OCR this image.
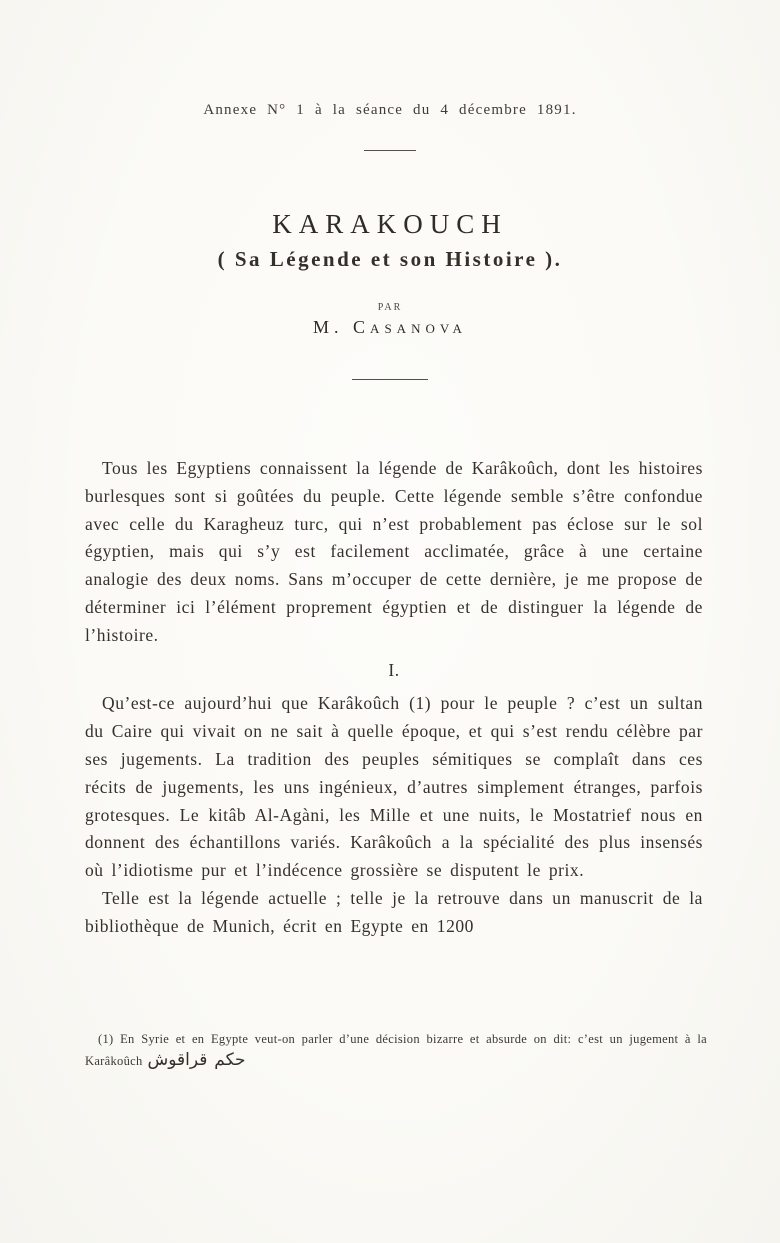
Annexe N° 1 à la séance du 4 décembre 1891.
KARAKOUCH
( Sa Légende et son Histoire ).
PAR
M. Casanova

Tous les Egyptiens connaissent la légende de Karâkoûch, dont les histoires burlesques sont si goûtées du peuple. Cette légende semble s’être confondue avec celle du Karagheuz turc, qui n’est probablement pas éclose sur le sol égyptien, mais qui s’y est facilement acclimatée, grâce à une certaine analogie des deux noms. Sans m’occuper de cette dernière, je me propose de déterminer ici l’élément proprement égyptien et de distinguer la légende de l’histoire.

I.

Qu’est-ce aujourd’hui que Karâkoûch (1) pour le peuple ? c’est un sultan du Caire qui vivait on ne sait à quelle époque, et qui s’est rendu célèbre par ses jugements. La tradition des peuples sémitiques se complaît dans ces récits de jugements, les uns ingénieux, d’autres simplement étranges, parfois grotesques. Le kitâb Al-Agàni, les Mille et une nuits, le Mostatrief nous en donnent des échantillons variés. Karâkoûch a la spécialité des plus insensés où l’idiotisme pur et l’indécence grossière se disputent le prix.

Telle est la légende actuelle ; telle je la retrouve dans un manuscrit de la bibliothèque de Munich, écrit en Egypte en 1200

(1) En Syrie et en Egypte veut-on parler d’une décision bizarre et absurde on dit: c’est un jugement à la Karâkoûch حكم قراقوش
